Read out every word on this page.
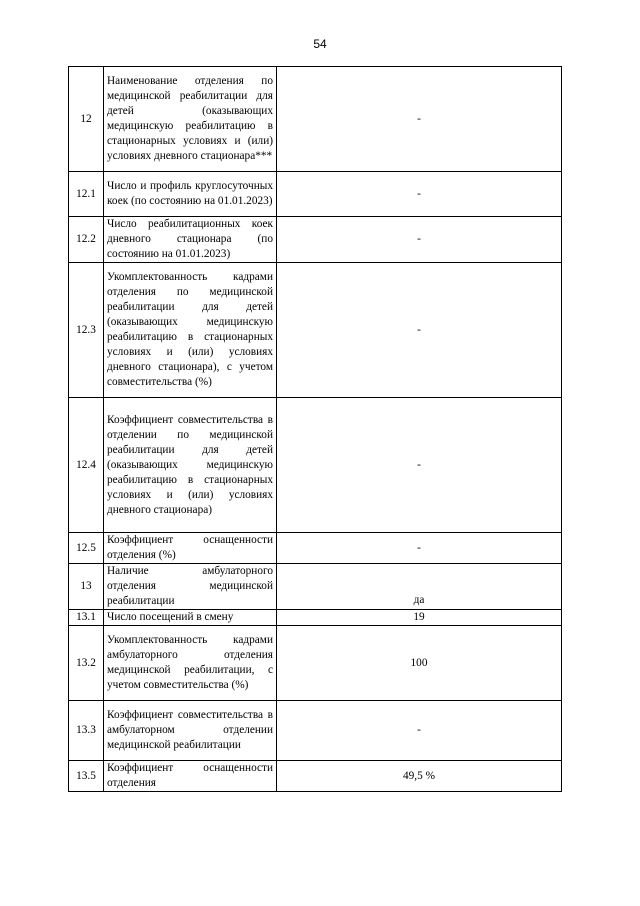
54
12	Наименование отделения по медицинской реабилитации для детей (оказывающих медицинскую реабилитацию в стационарных условиях и (или) условиях дневного стационара***	-
12.1	Число и профиль круглосуточных коек (по состоянию на 01.01.2023)	-
12.2	Число реабилитационных коек дневного стационара (по состоянию на 01.01.2023)	-
12.3	Укомплектованность кадрами отделения по медицинской реабилитации для детей (оказывающих медицинскую реабилитацию в стационарных условиях и (или) условиях дневного стационара), с учетом совместительства (%)	-
12.4	Коэффициент совместительства в отделении по медицинской реабилитации для детей (оказывающих медицинскую реабилитацию в стационарных условиях и (или) условиях дневного стационара)	-
12.5	Коэффициент оснащенности отделения (%)	-
13	Наличие амбулаторного отделения медицинской реабилитации	да
13.1	Число посещений в смену	19
13.2	Укомплектованность кадрами амбулаторного отделения медицинской реабилитации, с учетом совместительства (%)	100
13.3	Коэффициент совместительства в амбулаторном отделении медицинской реабилитации	-
13.5	Коэффициент оснащенности отделения	49,5 %
